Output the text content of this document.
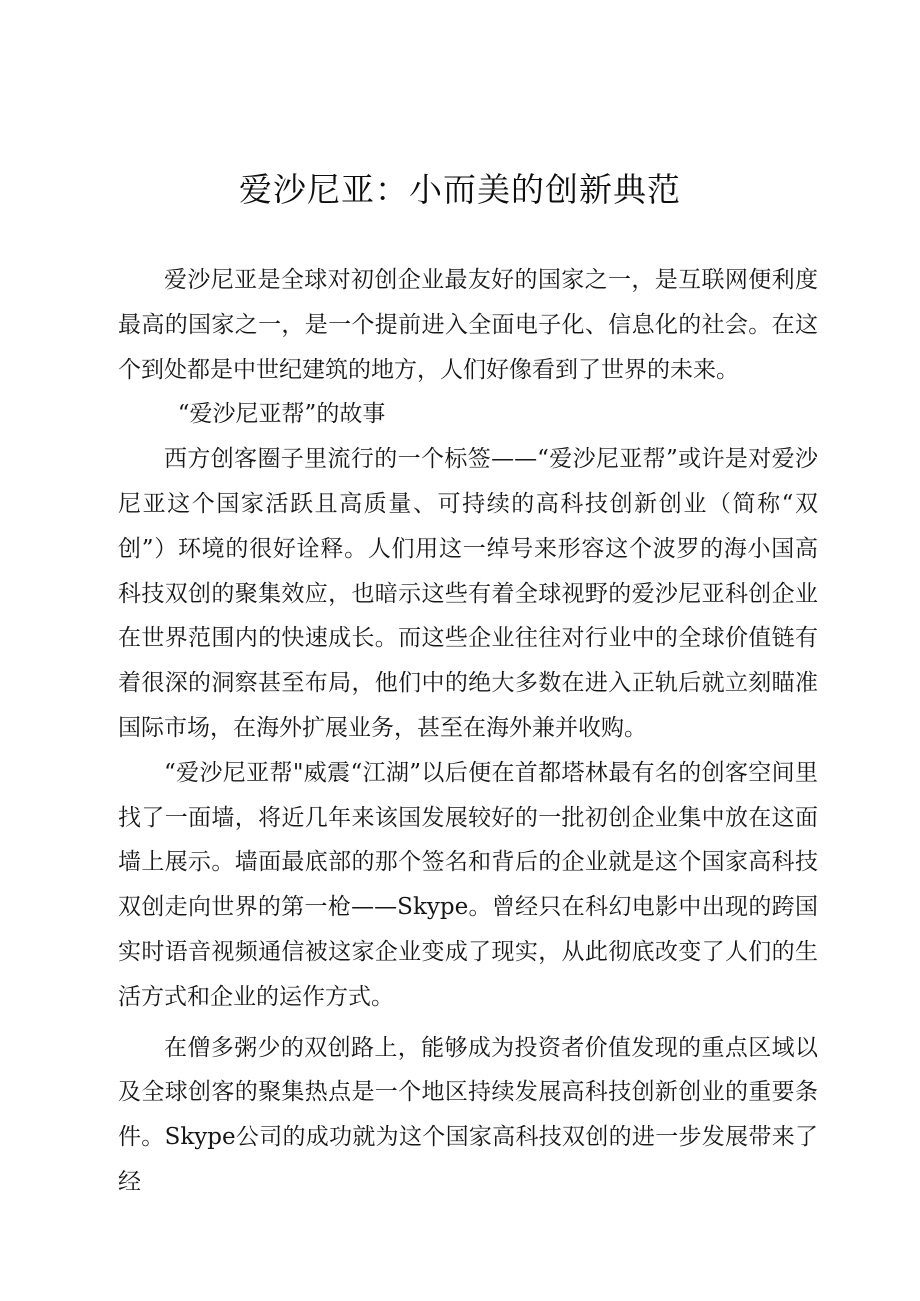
爱沙尼亚：小而美的创新典范

爱沙尼亚是全球对初创企业最友好的国家之一，是互联网便利度最高的国家之一，是一个提前进入全面电子化、信息化的社会。在这个到处都是中世纪建筑的地方，人们好像看到了世界的未来。

“爱沙尼亚帮”的故事

西方创客圈子里流行的一个标签——“爱沙尼亚帮”或许是对爱沙尼亚这个国家活跃且高质量、可持续的高科技创新创业（简称“双创”）环境的很好诠释。人们用这一绰号来形容这个波罗的海小国高科技双创的聚集效应，也暗示这些有着全球视野的爱沙尼亚科创企业在世界范围内的快速成长。而这些企业往往对行业中的全球价值链有着很深的洞察甚至布局，他们中的绝大多数在进入正轨后就立刻瞄准国际市场，在海外扩展业务，甚至在海外兼并收购。

“爱沙尼亚帮"威震“江湖”以后便在首都塔林最有名的创客空间里找了一面墙，将近几年来该国发展较好的一批初创企业集中放在这面墙上展示。墙面最底部的那个签名和背后的企业就是这个国家高科技双创走向世界的第一枪——Skype。曾经只在科幻电影中出现的跨国实时语音视频通信被这家企业变成了现实，从此彻底改变了人们的生活方式和企业的运作方式。

在僧多粥少的双创路上，能够成为投资者价值发现的重点区域以及全球创客的聚集热点是一个地区持续发展高科技创新创业的重要条件。Skype公司的成功就为这个国家高科技双创的进一步发展带来了经
